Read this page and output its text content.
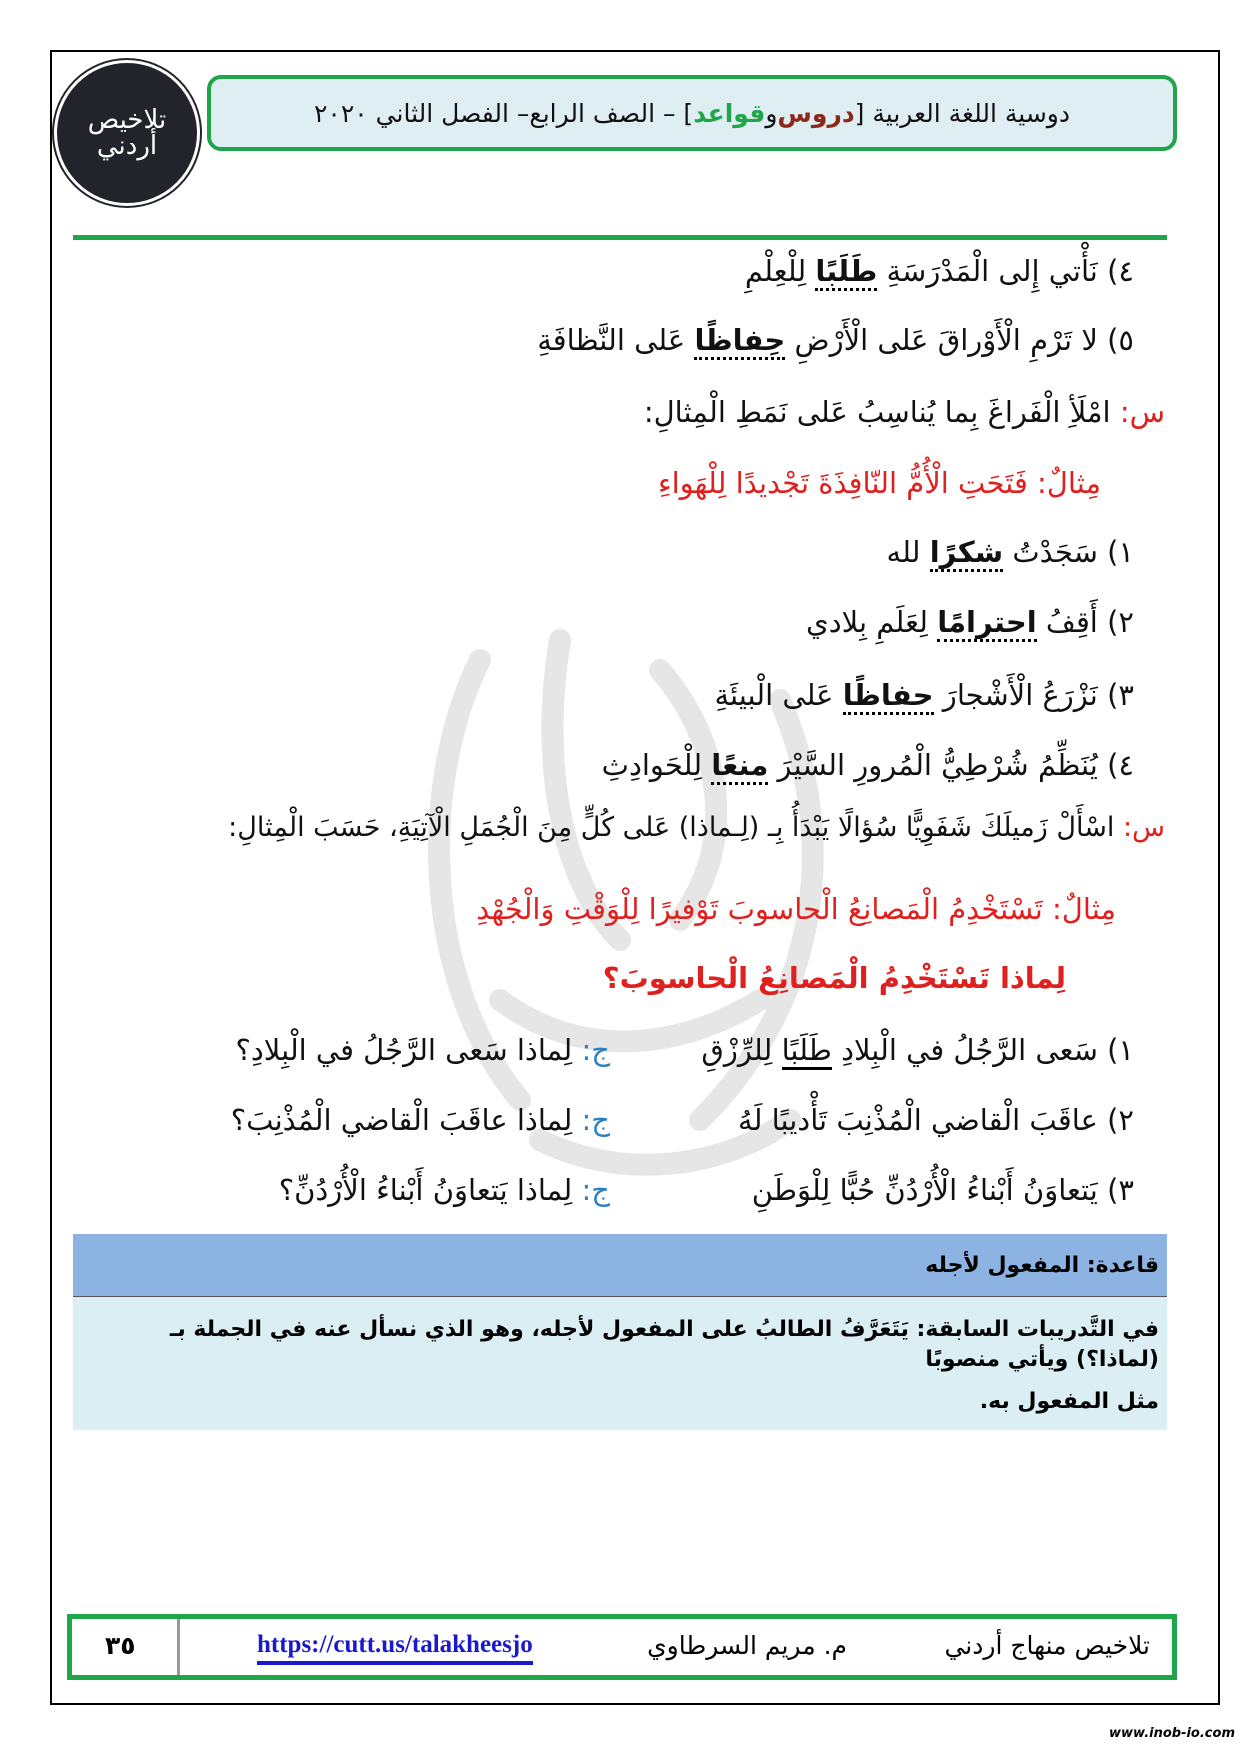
تلاخيص أردني
دوسية اللغة العربية [
دروس
و
قواعد
] – الصف الرابع– الفصل الثاني ٢٠٢٠
٤) نَأْتي إِلى الْمَدْرَسَةِ طَلَبًا لِلْعِلْمِ
٥) لا تَرْمِ الْأَوْراقَ عَلى الْأَرْضِ حِفاظًا عَلى النَّظافَةِ
س: امْلَأِ الْفَراغَ بِما يُناسِبُ عَلى نَمَطِ الْمِثالِ:
مِثالٌ: فَتَحَتِ الْأُمُّ النّافِذَةَ تَجْديدًا لِلْهَواءِ
١) سَجَدْتُ شكرًا لله
٢) أَقِفُ احترامًا لِعَلَمِ بِلادي
٣) نَزْرَعُ الْأَشْجارَ حفاظًا عَلى الْبيئَةِ
٤) يُنَظِّمُ شُرْطِيُّ الْمُرورِ السَّيْرَ منعًا لِلْحَوادِثِ
س: اسْأَلْ زَميلَكَ شَفَوِيًّا سُؤالًا يَبْدَأُ بِـ (لِـماذا) عَلى كُلٍّ مِنَ الْجُمَلِ الْآتِيَةِ، حَسَبَ الْمِثالِ:
مِثالٌ: تَسْتَخْدِمُ الْمَصانِعُ الْحاسوبَ تَوْفيرًا لِلْوَقْتِ وَالْجُهْدِ
لِماذا تَسْتَخْدِمُ الْمَصانِعُ الْحاسوبَ؟
١) سَعى الرَّجُلُ في الْبِلادِ طَلَبًا لِلرِّزْقِ
ج: لِماذا سَعى الرَّجُلُ في الْبِلادِ؟
٢) عاقَبَ الْقاضي الْمُذْنِبَ تَأْديبًا لَهُ
ج: لِماذا عاقَبَ الْقاضي الْمُذْنِبَ؟
٣) يَتعاوَنُ أَبْناءُ الْأُرْدُنِّ حُبًّا لِلْوَطَنِ
ج: لِماذا يَتعاوَنُ أَبْناءُ الْأُرْدُنِّ؟
قاعدة: المفعول لأجله
في التَّدريبات السابقة: يَتَعَرَّفُ الطالبُ على المفعول لأجله، وهو الذي نسأل عنه في الجملة بـ (لماذا؟) ويأتي منصوبًا
مثل المفعول به.
تلاخيص منهاج أردني
م. مريم السرطاوي
https://cutt.us/talakheesjo
٣٥
www.inob-io.com
